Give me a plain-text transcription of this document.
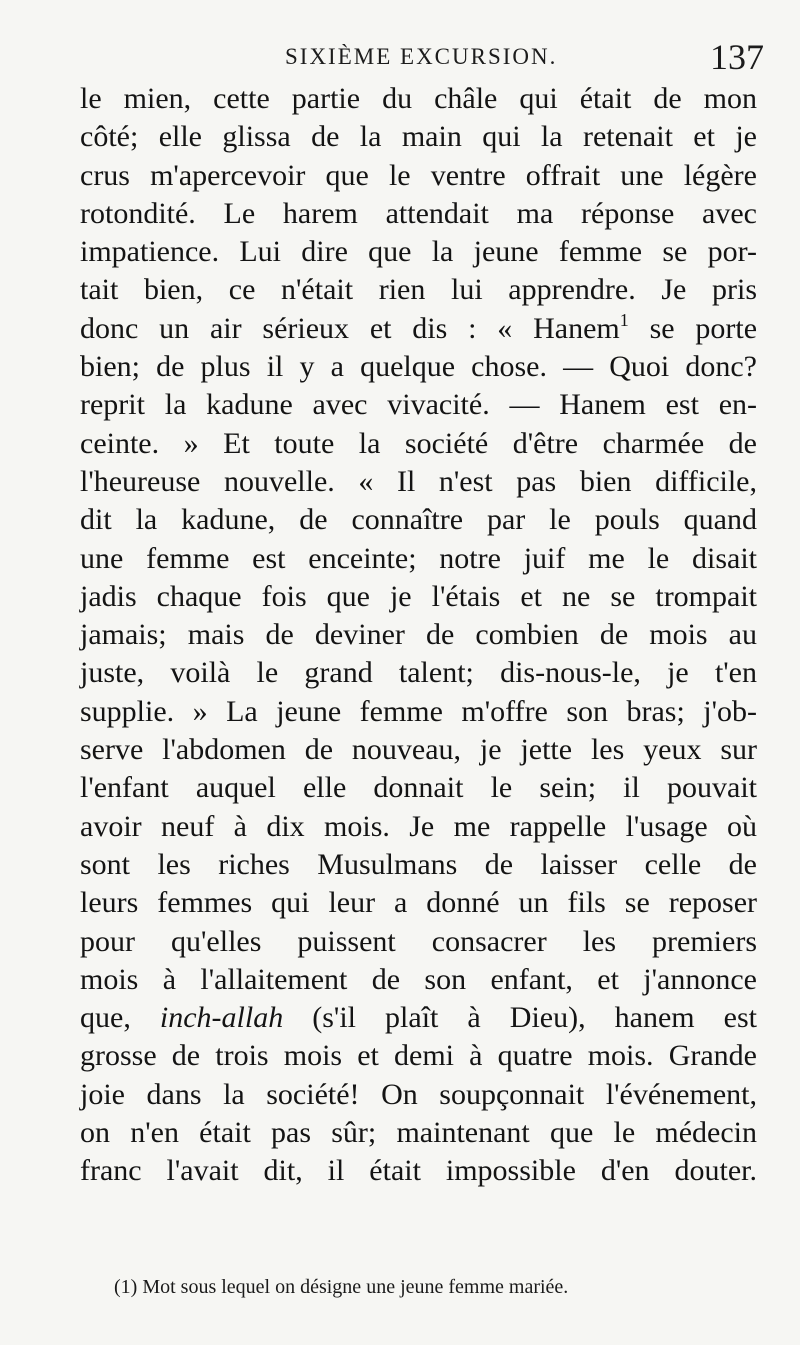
SIXIÈME EXCURSION.	137
le mien, cette partie du châle qui était de mon
côté; elle glissa de la main qui la retenait et je
crus m'apercevoir que le ventre offrait une légère
rotondité. Le harem attendait ma réponse avec
impatience. Lui dire que la jeune femme se por-
tait bien, ce n'était rien lui apprendre. Je pris
donc un air sérieux et dis : « Hanem$^1$ se porte
bien; de plus il y a quelque chose. — Quoi donc?
reprit la kadune avec vivacité. — Hanem est en-
ceinte. » Et toute la société d'être charmée de
l'heureuse nouvelle. « Il n'est pas bien difficile,
dit la kadune, de connaître par le pouls quand
une femme est enceinte; notre juif me le disait
jadis chaque fois que je l'étais et ne se trompait
jamais; mais de deviner de combien de mois au
juste, voilà le grand talent; dis-nous-le, je t'en
supplie. » La jeune femme m'offre son bras; j'ob-
serve l'abdomen de nouveau, je jette les yeux sur
l'enfant auquel elle donnait le sein; il pouvait
avoir neuf à dix mois. Je me rappelle l'usage où
sont les riches Musulmans de laisser celle de
leurs femmes qui leur a donné un fils se reposer
pour qu'elles puissent consacrer les premiers
mois à l'allaitement de son enfant, et j'annonce
que, inch-allah (s'il plaît à Dieu), hanem est
grosse de trois mois et demi à quatre mois. Grande
joie dans la société! On soupçonnait l'événement,
on n'en était pas sûr; maintenant que le médecin
franc l'avait dit, il était impossible d'en douter.
(1) Mot sous lequel on désigne une jeune femme mariée.
